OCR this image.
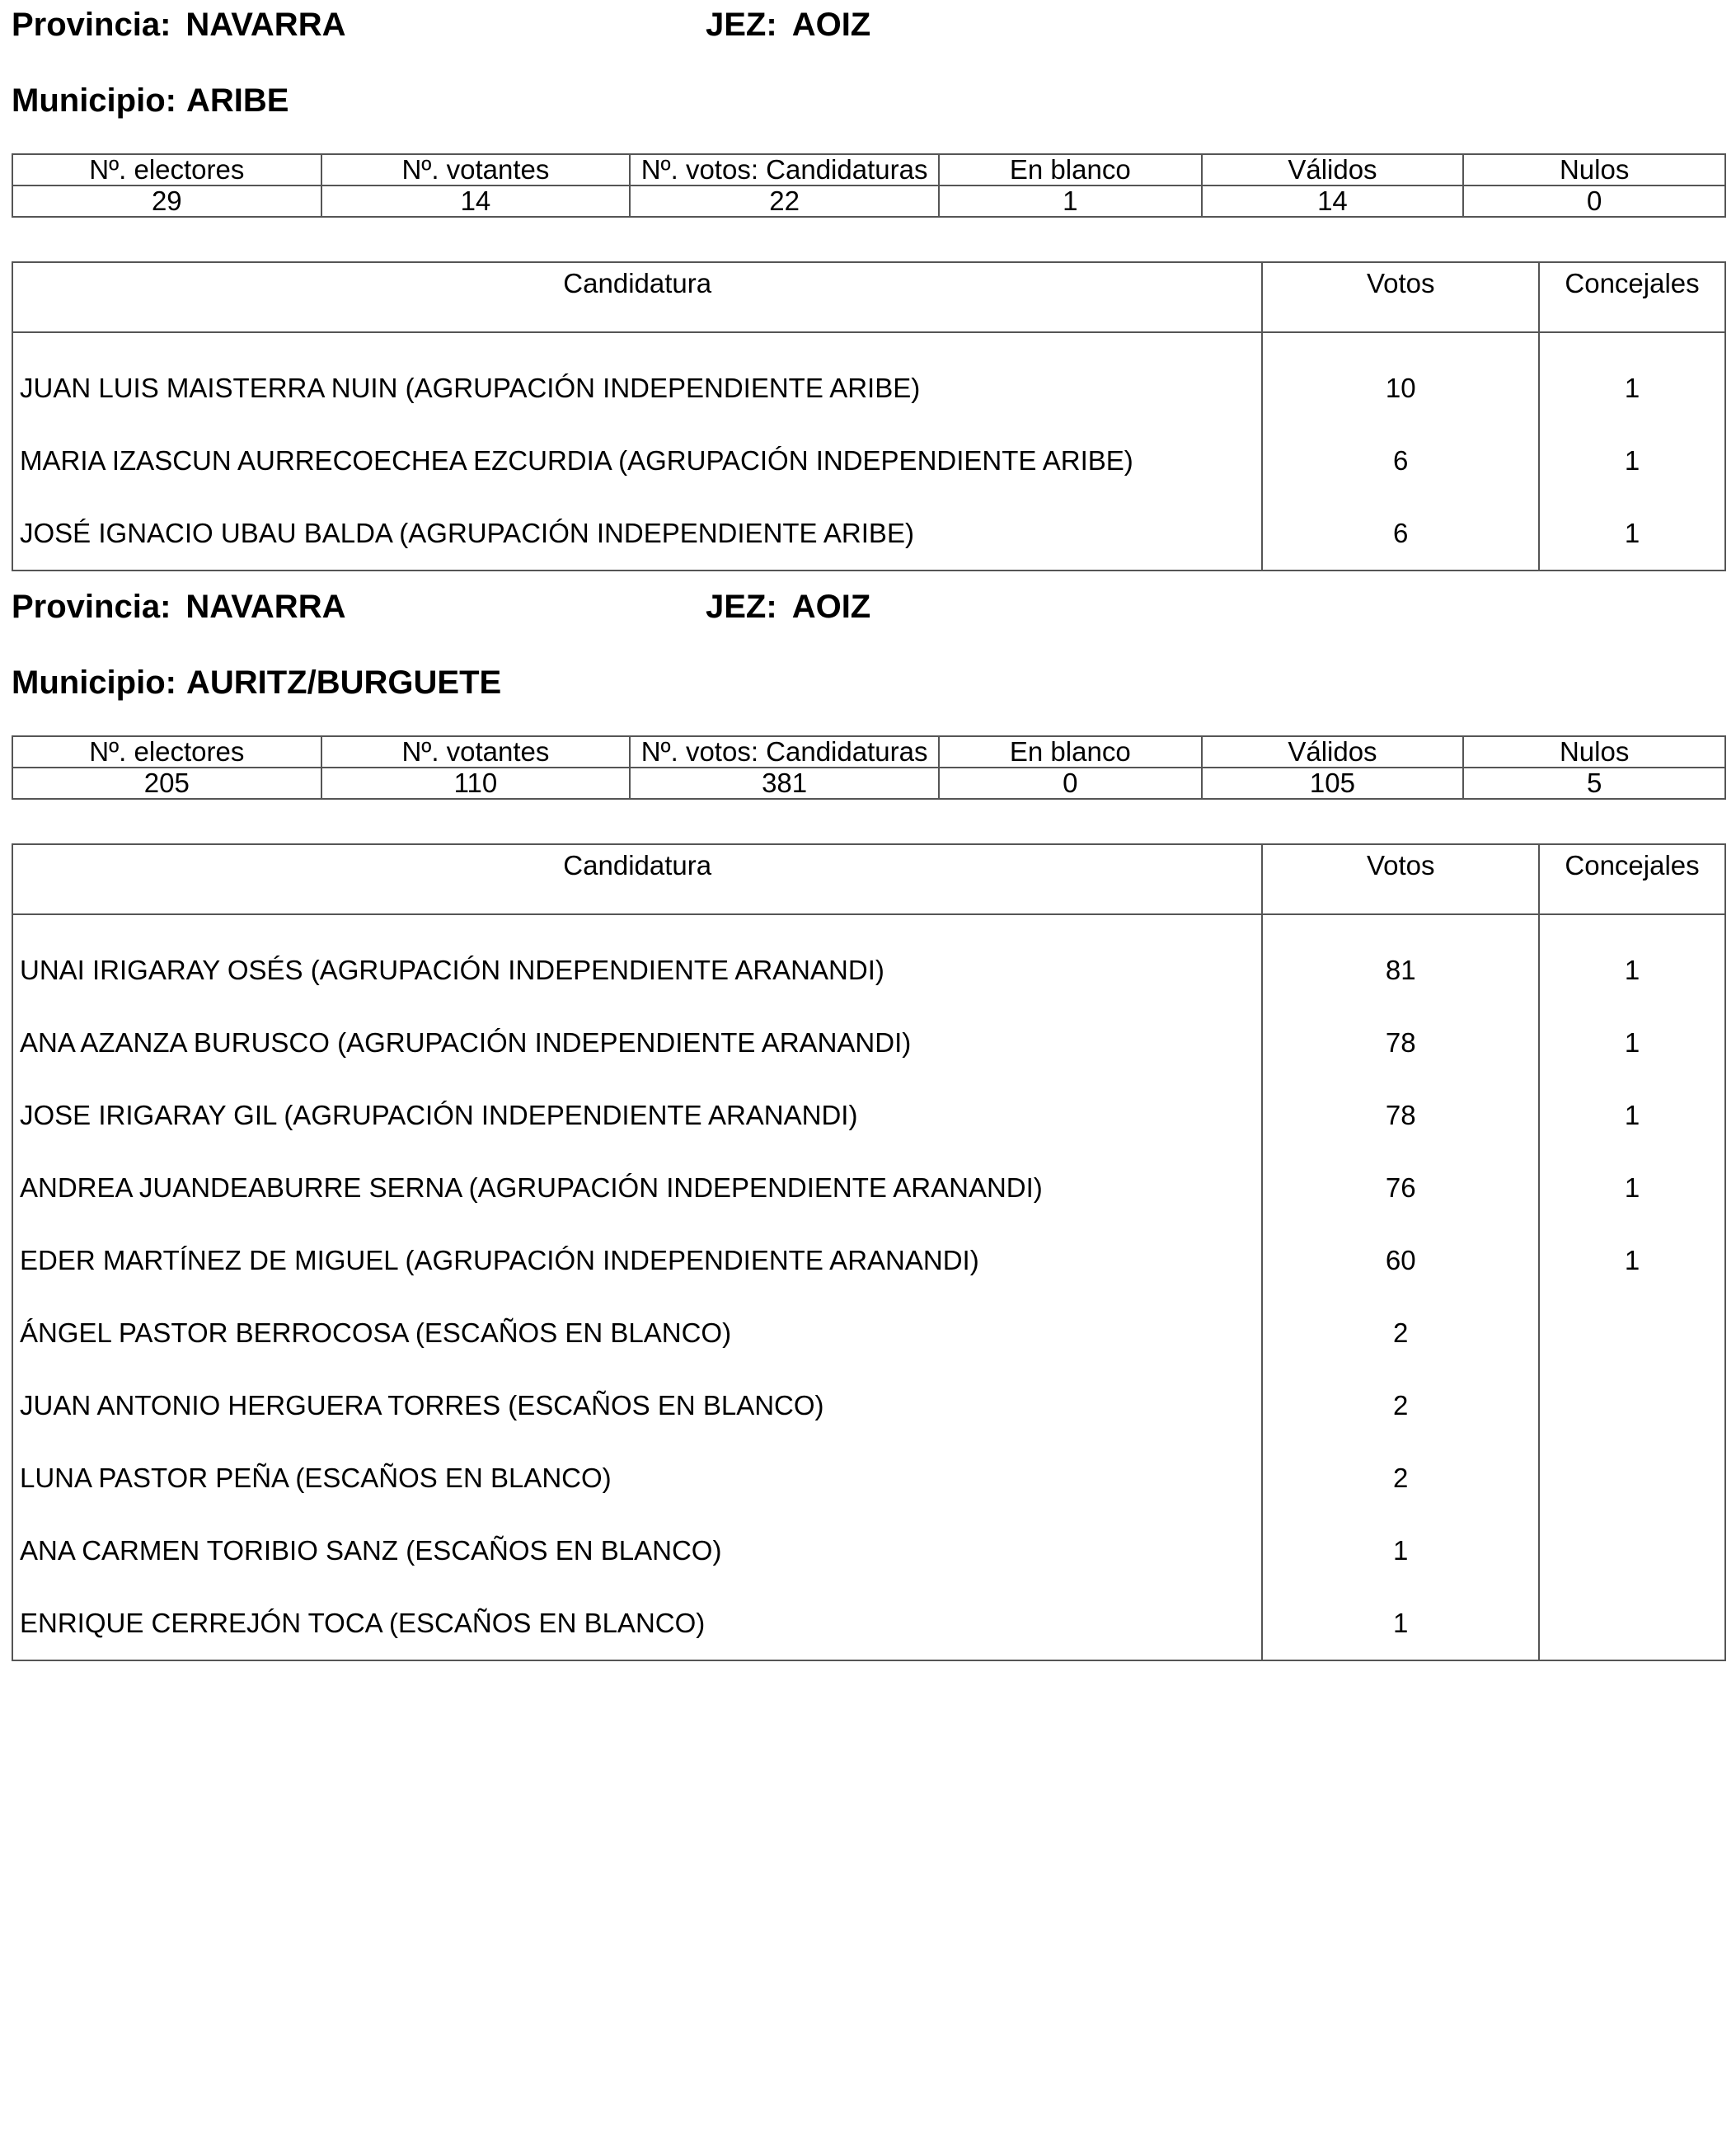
Provincia: NAVARRA	JEZ: AOIZ
Municipio: ARIBE
Nº. electores	Nº. votantes	Nº. votos: Candidaturas	En blanco	Válidos	Nulos
29	14	22	1	14	0
Candidatura	Votos	Concejales
JUAN LUIS MAISTERRA NUIN (AGRUPACIÓN INDEPENDIENTE ARIBE)	10	1
MARIA IZASCUN AURRECOECHEA EZCURDIA (AGRUPACIÓN INDEPENDIENTE ARIBE)	6	1
JOSÉ IGNACIO UBAU BALDA (AGRUPACIÓN INDEPENDIENTE ARIBE)	6	1
Provincia: NAVARRA	JEZ: AOIZ
Municipio: AURITZ/BURGUETE
Nº. electores	Nº. votantes	Nº. votos: Candidaturas	En blanco	Válidos	Nulos
205	110	381	0	105	5
Candidatura	Votos	Concejales
UNAI IRIGARAY OSÉS (AGRUPACIÓN INDEPENDIENTE ARANANDI)	81	1
ANA AZANZA BURUSCO (AGRUPACIÓN INDEPENDIENTE ARANANDI)	78	1
JOSE IRIGARAY GIL (AGRUPACIÓN INDEPENDIENTE ARANANDI)	78	1
ANDREA JUANDEABURRE SERNA (AGRUPACIÓN INDEPENDIENTE ARANANDI)	76	1
EDER MARTÍNEZ DE MIGUEL (AGRUPACIÓN INDEPENDIENTE ARANANDI)	60	1
ÁNGEL PASTOR BERROCOSA (ESCAÑOS EN BLANCO)	2	
JUAN ANTONIO HERGUERA TORRES (ESCAÑOS EN BLANCO)	2	
LUNA PASTOR PEÑA (ESCAÑOS EN BLANCO)	2	
ANA CARMEN TORIBIO SANZ (ESCAÑOS EN BLANCO)	1	
ENRIQUE CERREJÓN TOCA (ESCAÑOS EN BLANCO)	1	
